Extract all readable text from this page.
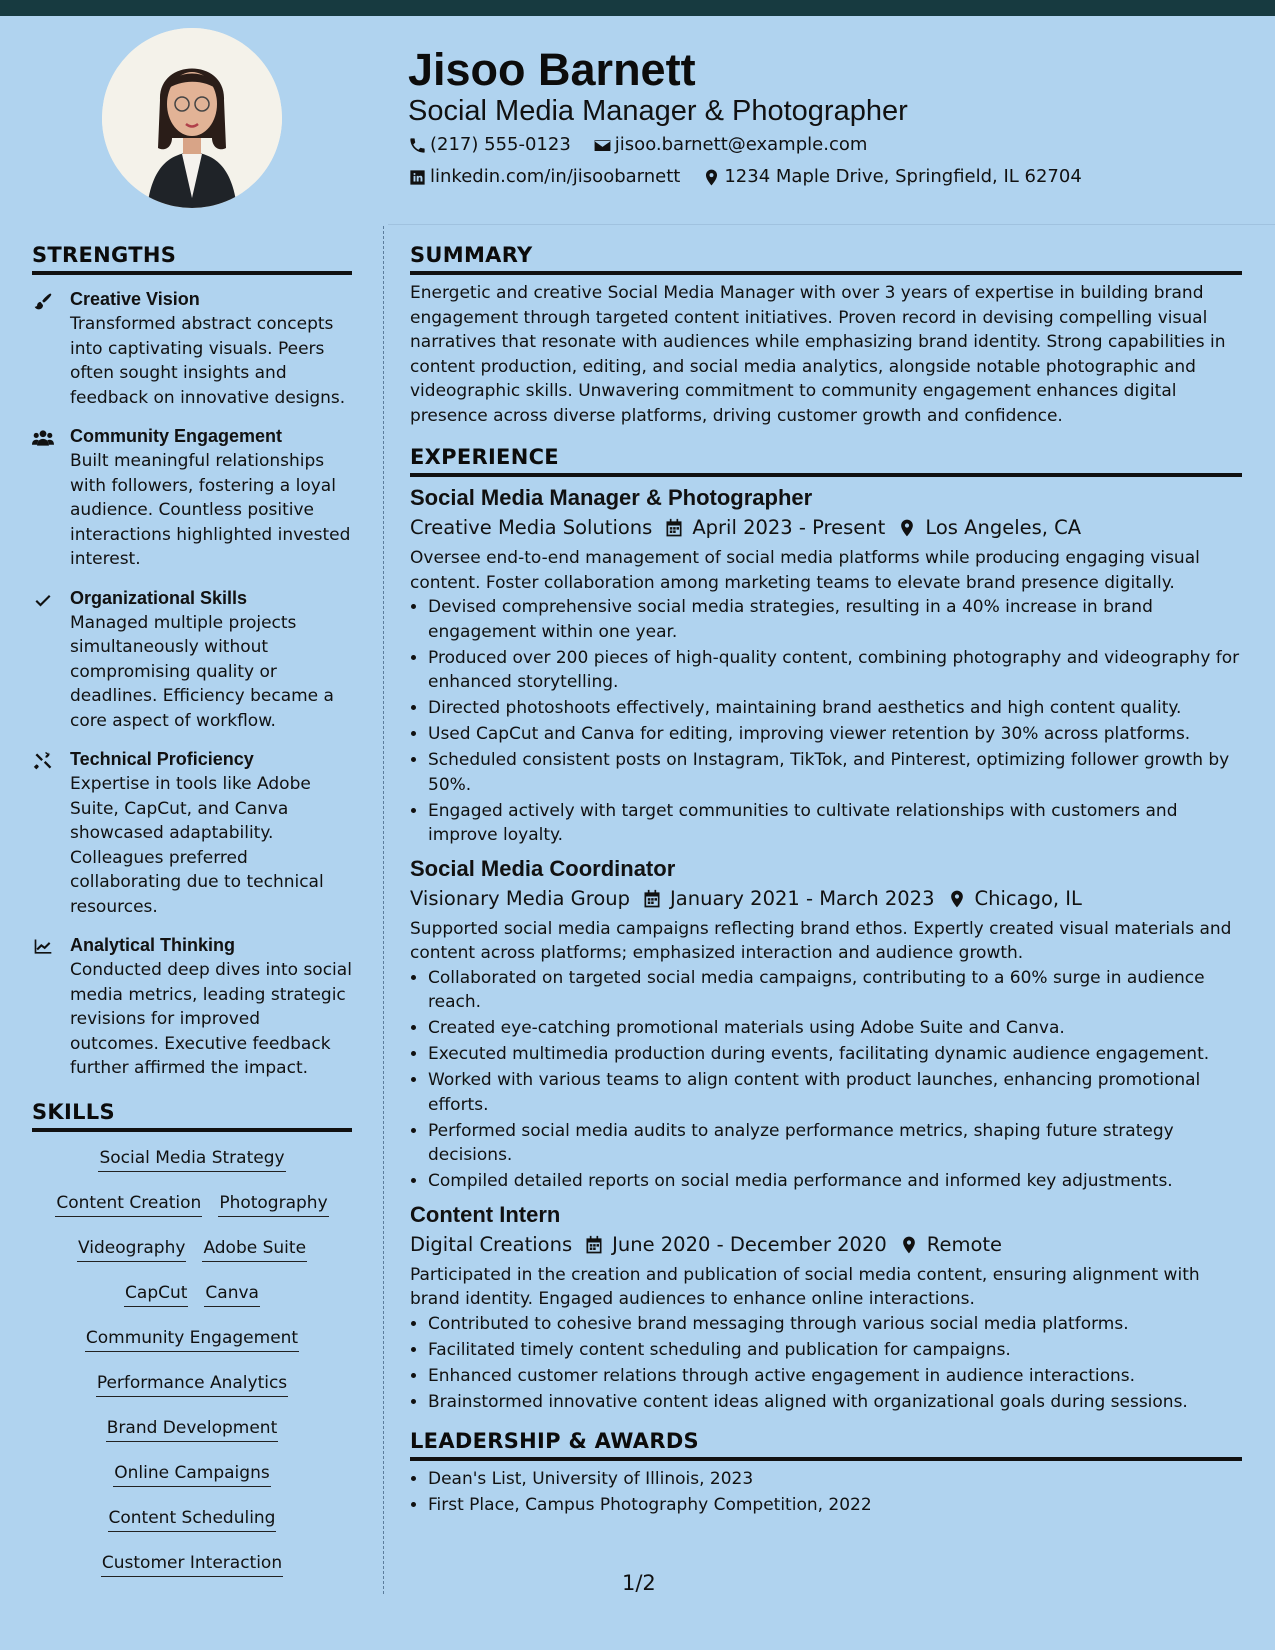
Jisoo Barnett
Social Media Manager & Photographer
(217) 555-0123 jisoo.barnett@example.com
linkedin.com/in/jisoobarnett 1234 Maple Drive, Springfield, IL 62704
STRENGTHS
Creative Vision
Transformed abstract concepts into captivating visuals. Peers often sought insights and feedback on innovative designs.
Community Engagement
Built meaningful relationships with followers, fostering a loyal audience. Countless positive interactions highlighted invested interest.
Organizational Skills
Managed multiple projects simultaneously without compromising quality or deadlines. Efficiency became a core aspect of workflow.
Technical Proficiency
Expertise in tools like Adobe Suite, CapCut, and Canva showcased adaptability. Colleagues preferred collaborating due to technical resources.
Analytical Thinking
Conducted deep dives into social media metrics, leading strategic revisions for improved outcomes. Executive feedback further affirmed the impact.
SKILLS
Social Media Strategy
Content Creation Photography
Videography Adobe Suite
CapCut Canva
Community Engagement
Performance Analytics
Brand Development
Online Campaigns
Content Scheduling
Customer Interaction
SUMMARY
Energetic and creative Social Media Manager with over 3 years of expertise in building brand engagement through targeted content initiatives. Proven record in devising compelling visual narratives that resonate with audiences while emphasizing brand identity. Strong capabilities in content production, editing, and social media analytics, alongside notable photographic and videographic skills. Unwavering commitment to community engagement enhances digital presence across diverse platforms, driving customer growth and confidence.
EXPERIENCE
Social Media Manager & Photographer
Creative Media Solutions April 2023 - Present Los Angeles, CA
Oversee end-to-end management of social media platforms while producing engaging visual content. Foster collaboration among marketing teams to elevate brand presence digitally.
• Devised comprehensive social media strategies, resulting in a 40% increase in brand engagement within one year.
• Produced over 200 pieces of high-quality content, combining photography and videography for enhanced storytelling.
• Directed photoshoots effectively, maintaining brand aesthetics and high content quality.
• Used CapCut and Canva for editing, improving viewer retention by 30% across platforms.
• Scheduled consistent posts on Instagram, TikTok, and Pinterest, optimizing follower growth by 50%.
• Engaged actively with target communities to cultivate relationships with customers and improve loyalty.
Social Media Coordinator
Visionary Media Group January 2021 - March 2023 Chicago, IL
Supported social media campaigns reflecting brand ethos. Expertly created visual materials and content across platforms; emphasized interaction and audience growth.
• Collaborated on targeted social media campaigns, contributing to a 60% surge in audience reach.
• Created eye-catching promotional materials using Adobe Suite and Canva.
• Executed multimedia production during events, facilitating dynamic audience engagement.
• Worked with various teams to align content with product launches, enhancing promotional efforts.
• Performed social media audits to analyze performance metrics, shaping future strategy decisions.
• Compiled detailed reports on social media performance and informed key adjustments.
Content Intern
Digital Creations June 2020 - December 2020 Remote
Participated in the creation and publication of social media content, ensuring alignment with brand identity. Engaged audiences to enhance online interactions.
• Contributed to cohesive brand messaging through various social media platforms.
• Facilitated timely content scheduling and publication for campaigns.
• Enhanced customer relations through active engagement in audience interactions.
• Brainstormed innovative content ideas aligned with organizational goals during sessions.
LEADERSHIP & AWARDS
• Dean's List, University of Illinois, 2023
• First Place, Campus Photography Competition, 2022
1/2
